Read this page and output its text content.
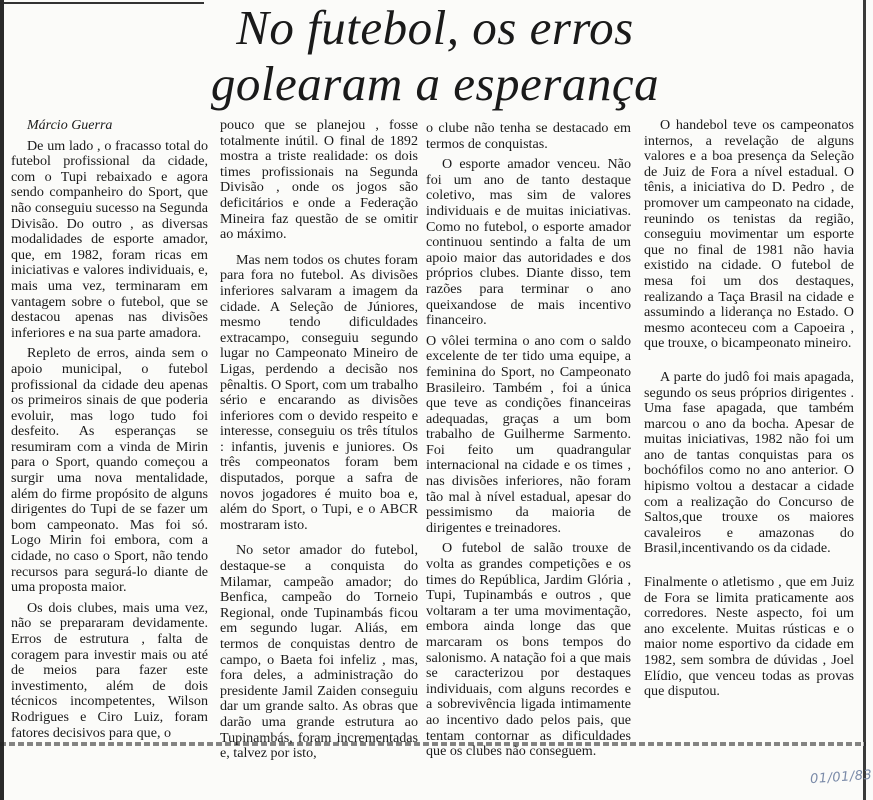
No futebol, os erros
golearam a esperança

Márcio Guerra

De um lado , o fracasso total do futebol profissional da cidade, com o Tupi rebaixado e agora sendo companheiro do Sport, que não conseguiu sucesso na Segunda Divisão. Do outro , as diversas modalidades de esporte amador, que, em 1982, foram ricas em iniciativas e valores individuais, e, mais uma vez, terminaram em vantagem sobre o futebol, que se destacou apenas nas divisões inferiores e na sua parte amadora.

Repleto de erros, ainda sem o apoio municipal, o futebol profissional da cidade deu apenas os primeiros sinais de que poderia evoluir, mas logo tudo foi desfeito. As esperanças se resumiram com a vinda de Mirin para o Sport, quando começou a surgir uma nova mentalidade, além do firme propósito de alguns dirigentes do Tupi de se fazer um bom campeonato. Mas foi só. Logo Mirin foi embora, com a cidade, no caso o Sport, não tendo recursos para segurá-lo diante de uma proposta maior.

Os dois clubes, mais uma vez, não se prepararam devidamente. Erros de estrutura , falta de coragem para investir mais ou até de meios para fazer este investimento, além de dois técnicos incompetentes, Wilson Rodrigues e Ciro Luiz, foram fatores decisivos para que, o

pouco que se planejou , fosse totalmente inútil. O final de 1892 mostra a triste realidade: os dois times profissionais na Segunda Divisão , onde os jogos são deficitários e onde a Federação Mineira faz questão de se omitir ao máximo.

Mas nem todos os chutes foram para fora no futebol. As divisões inferiores salvaram a imagem da cidade. A Seleção de Júniores, mesmo tendo dificuldades extracampo, conseguiu segundo lugar no Campeonato Mineiro de Ligas, perdendo a decisão nos pênaltis. O Sport, com um trabalho sério e encarando as divisões inferiores com o devido respeito e interesse, conseguiu os três títulos : infantis, juvenis e juniores. Os três compeonatos foram bem disputados, porque a safra de novos jogadores é muito boa e, além do Sport, o Tupi, e o ABCR mostraram isto.

No setor amador do futebol, destaque-se a conquista do Milamar, campeão amador; do Benfica, campeão do Torneio Regional, onde Tupinambás ficou em segundo lugar. Aliás, em termos de conquistas dentro de campo, o Baeta foi infeliz , mas, fora deles, a administração do presidente Jamil Zaiden conseguiu dar um grande salto. As obras que darão uma grande estrutura ao Tupinambás, foram incrementadas e, talvez por isto,

o clube não tenha se destacado em termos de conquistas.

O esporte amador venceu. Não foi um ano de tanto destaque coletivo, mas sim de valores individuais e de muitas iniciativas. Como no futebol, o esporte amador continuou sentindo a falta de um apoio maior das autoridades e dos próprios clubes. Diante disso, tem razões para terminar o ano queixandose de mais incentivo financeiro.

O vôlei termina o ano com o saldo excelente de ter tido uma equipe, a feminina do Sport, no Campeonato Brasileiro. Também , foi a única que teve as condições financeiras adequadas, graças a um bom trabalho de Guilherme Sarmento. Foi feito um quadrangular internacional na cidade e os times , nas divisões inferiores, não foram tão mal à nível estadual, apesar do pessimismo da maioria de dirigentes e treinadores.

O futebol de salão trouxe de volta as grandes competições e os times do República, Jardim Glória , Tupi, Tupinambás e outros , que voltaram a ter uma movimentação, embora ainda longe das que marcaram os bons tempos do salonismo. A natação foi a que mais se caracterizou por destaques individuais, com alguns recordes e a sobrevivência ligada intimamente ao incentivo dado pelos pais, que tentam contornar as dificuldades que os clubes não conseguem.

O handebol teve os campeonatos internos, a revelação de alguns valores e a boa presença da Seleção de Juiz de Fora a nível estadual. O tênis, a iniciativa do D. Pedro , de promover um campeonato na cidade, reunindo os tenistas da região, conseguiu movimentar um esporte que no final de 1981 não havia existido na cidade. O futebol de mesa foi um dos destaques, realizando a Taça Brasil na cidade e assumindo a liderança no Estado. O mesmo aconteceu com a Capoeira , que trouxe, o bicampeonato mineiro.

A parte do judô foi mais apagada, segundo os seus próprios dirigentes . Uma fase apagada, que também marcou o ano da bocha. Apesar de muitas iniciativas, 1982 não foi um ano de tantas conquistas para os bochófilos como no ano anterior. O hipismo voltou a destacar a cidade com a realização do Concurso de Saltos,que trouxe os maiores cavaleiros e amazonas do Brasil,incentivando os da cidade.

Finalmente o atletismo , que em Juiz de Fora se limita praticamente aos corredores. Neste aspecto, foi um ano excelente. Muitas rústicas e o maior nome esportivo da cidade em 1982, sem sombra de dúvidas , Joel Elídio, que venceu todas as provas que disputou.

01/01/83
